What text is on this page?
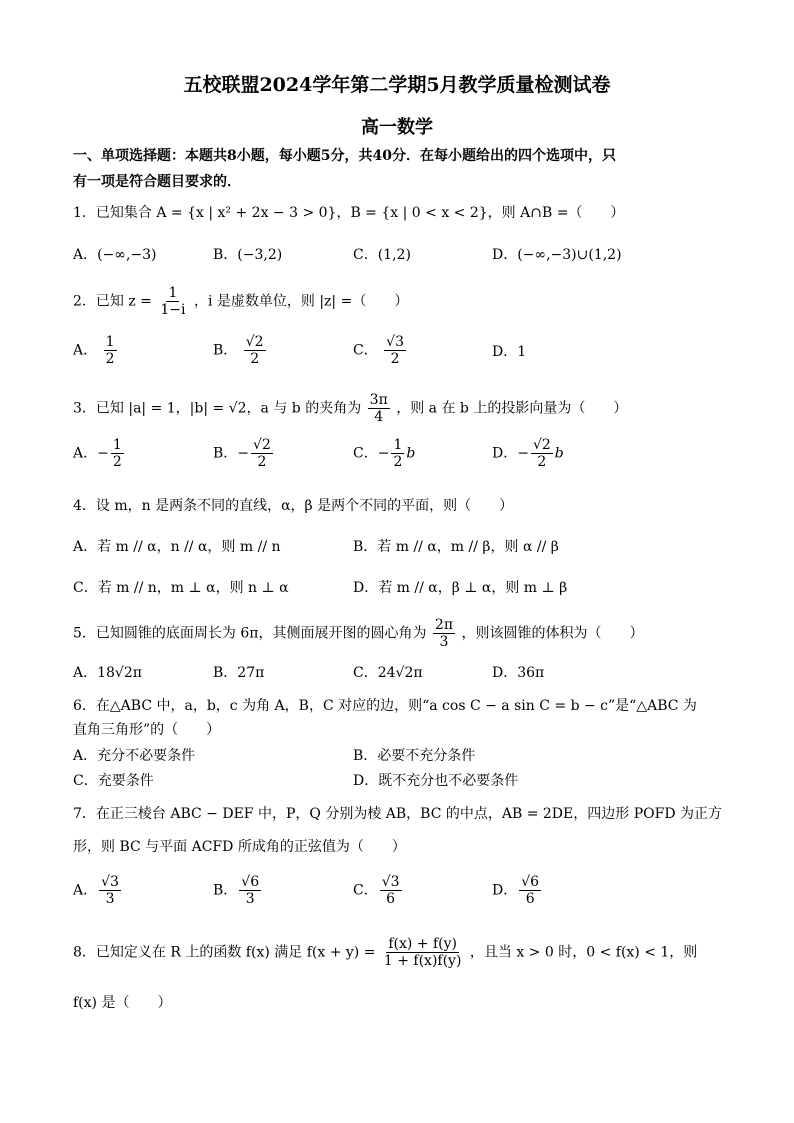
五校联盟2024学年第二学期5月教学质量检测试卷
高一数学
一、单项选择题：本题共8小题，每小题5分，共40分．在每小题给出的四个选项中，只
有一项是符合题目要求的．
1．已知集合 A = {x | x² + 2x − 3 > 0}，B = {x | 0 < x < 2}，则 A∩B =（　　）
A．(−∞,−3)	B．(−3,2)	C．(1,2)	D．(−∞,−3)∪(1,2)
2．已知 $z = \frac{1}{1-i}$ ，i 是虚数单位，则 |z| =（　　）
A． $\frac{1}{2}$	B． $\frac{√2}{2}$	C． $\frac{√3}{2}$	D．1
3．已知 |a| = 1，|b| = √2，a 与 b 的夹角为 $\frac{3\pi}{4}$ ，则 a 在 b 上的投影向量为（　　）
A．− $\frac{1}{2}$	B．− $\frac{√2}{2}$	C．− $\frac{1}{2}$ b	D．− $\frac{√2}{2}$ b
4．设 m，n 是两条不同的直线，α，β 是两个不同的平面，则（　　）
A．若 m // α，n // α，则 m // n	B．若 m // α，m // β，则 α // β
C．若 m // n，m ⊥ α，则 n ⊥ α	D．若 m // α，β ⊥ α，则 m ⊥ β
5．已知圆锥的底面周长为 6π，其侧面展开图的圆心角为 $\frac{2\pi}{3}$ ，则该圆锥的体积为（　　）
A．18√2π	B．27π	C．24√2π	D．36π
6．在△ABC 中，a，b，c 为角 A，B，C 对应的边，则“a cos C − a sin C = b − c”是“△ABC 为
直角三角形”的（　　）
A．充分不必要条件	B．必要不充分条件
C．充要条件	D．既不充分也不必要条件
7．在正三棱台 ABC − DEF 中，P，Q 分别为棱 AB，BC 的中点，AB = 2DE，四边形 POFD 为正方
形，则 BC 与平面 ACFD 所成角的正弦值为（　　）
A． $\frac{√3}{3}$	B． $\frac{√6}{3}$	C． $\frac{√3}{6}$	D． $\frac{√6}{6}$
8．已知定义在 R 上的函数 f(x) 满足 $f(x + y) = \frac{f(x) + f(y)}{1 + f(x)f(y)}$ ，且当 x > 0 时，0 < f(x) < 1，则
f(x) 是（　　）
